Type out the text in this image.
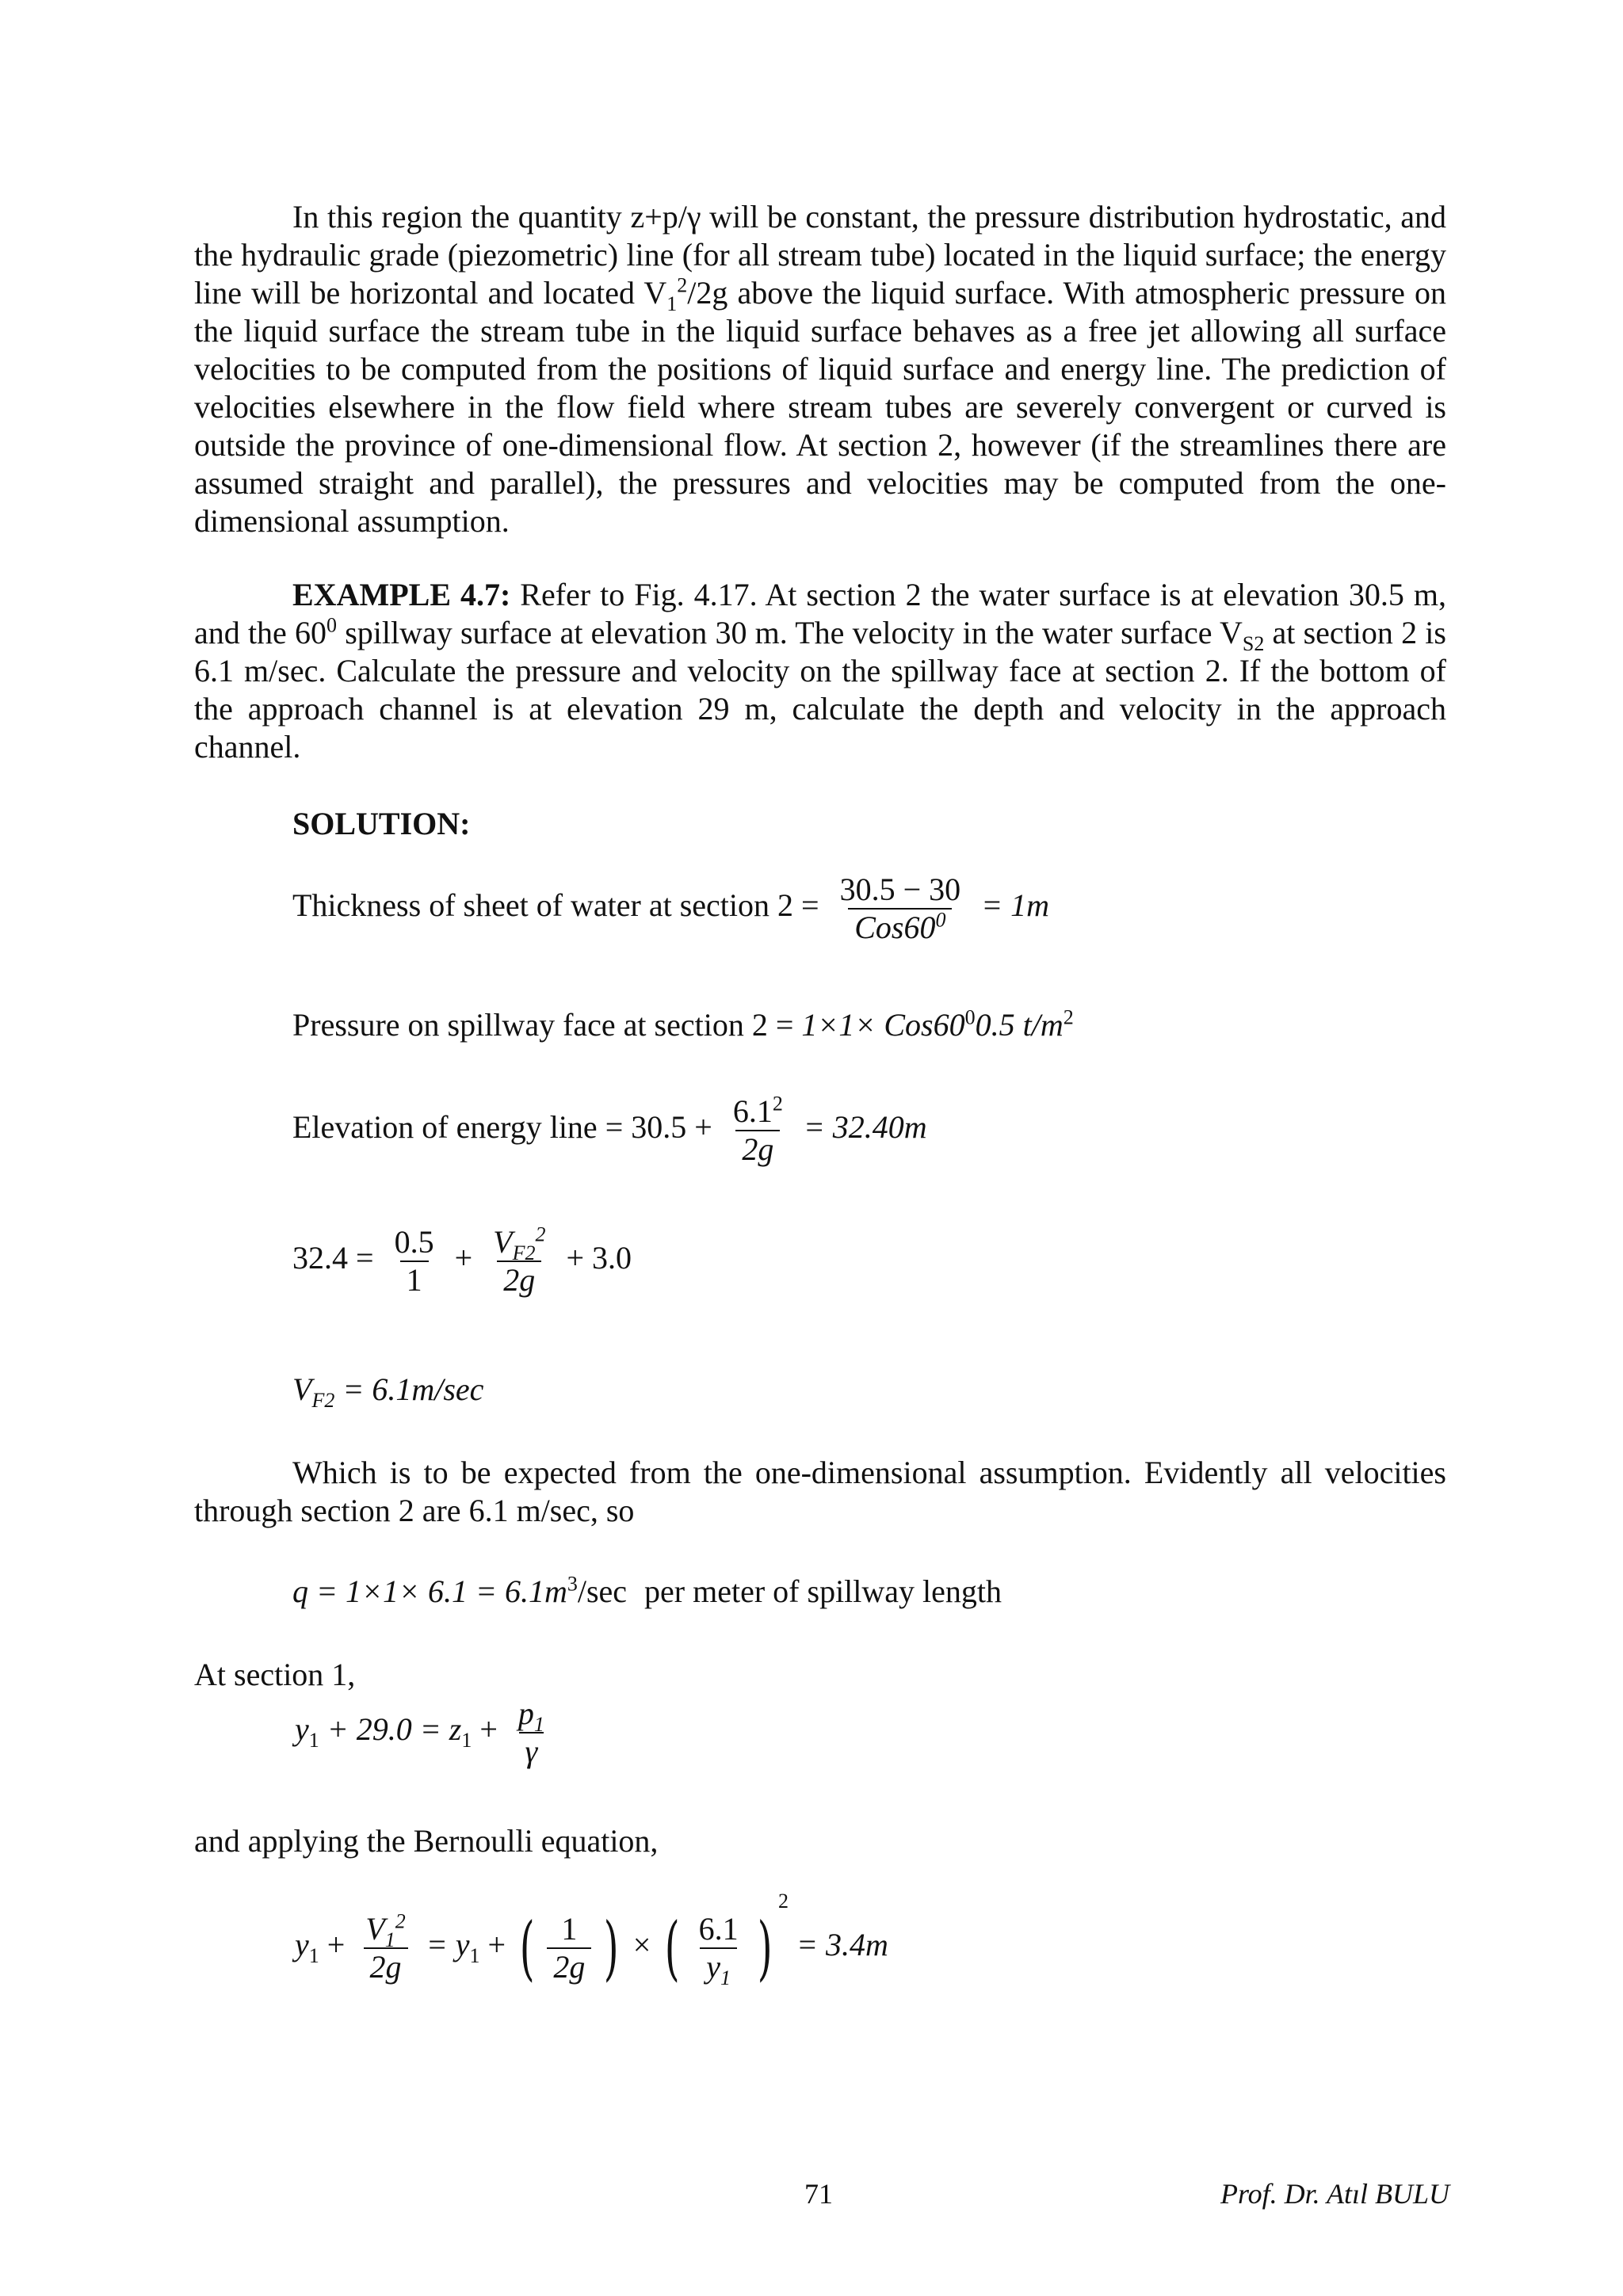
In this region the quantity z+p/γ will be constant, the pressure distribution hydrostatic, and the hydraulic grade (piezometric) line (for all stream tube) located in the liquid surface; the energy line will be horizontal and located $V_1^2/2g$ above the liquid surface. With atmospheric pressure on the liquid surface the stream tube in the liquid surface behaves as a free jet allowing all surface velocities to be computed from the positions of liquid surface and energy line. The prediction of velocities elsewhere in the flow field where stream tubes are severely convergent or curved is outside the province of one-dimensional flow. At section 2, however (if the streamlines there are assumed straight and parallel), the pressures and velocities may be computed from the one-dimensional assumption.
EXAMPLE 4.7: Refer to Fig. 4.17. At section 2 the water surface is at elevation 30.5 m, and the $60^0$ spillway surface at elevation 30 m. The velocity in the water surface $V_{S2}$ at section 2 is 6.1 m/sec. Calculate the pressure and velocity on the spillway face at section 2. If the bottom of the approach channel is at elevation 29 m, calculate the depth and velocity in the approach channel.
SOLUTION:
Thickness of sheet of water at section $2 = \frac{30.5 - 30}{Cos60^0} = 1m$
Pressure on spillway face at section $2 = 1\times 1\times Cos60^00.5$ $t/m^2$
Elevation of energy line = $30.5 + \frac{6.1^2}{2g} = 32.40m$
$32.4 = \frac{0.5}{1} + \frac{V_{F2}^2}{2g} + 3.0$
$V_{F2} = 6.1m/\sec$
Which is to be expected from the one-dimensional assumption. Evidently all velocities through section 2 are 6.1 m/sec, so
$q = 1\times 1\times 6.1 = 6.1m^3/\sec$ per meter of spillway length
At section 1,
$y_1 + 29.0 = z_1 + \frac{p_1}{\gamma}$
and applying the Bernoulli equation,
$y_1 + \frac{V_1^2}{2g} = y_1$ + ( $\frac{1}{2g}$ ) × ( $\frac{6.1}{y_1} )^2 = 3.4m$
71	Prof. Dr. Atıl BULU
